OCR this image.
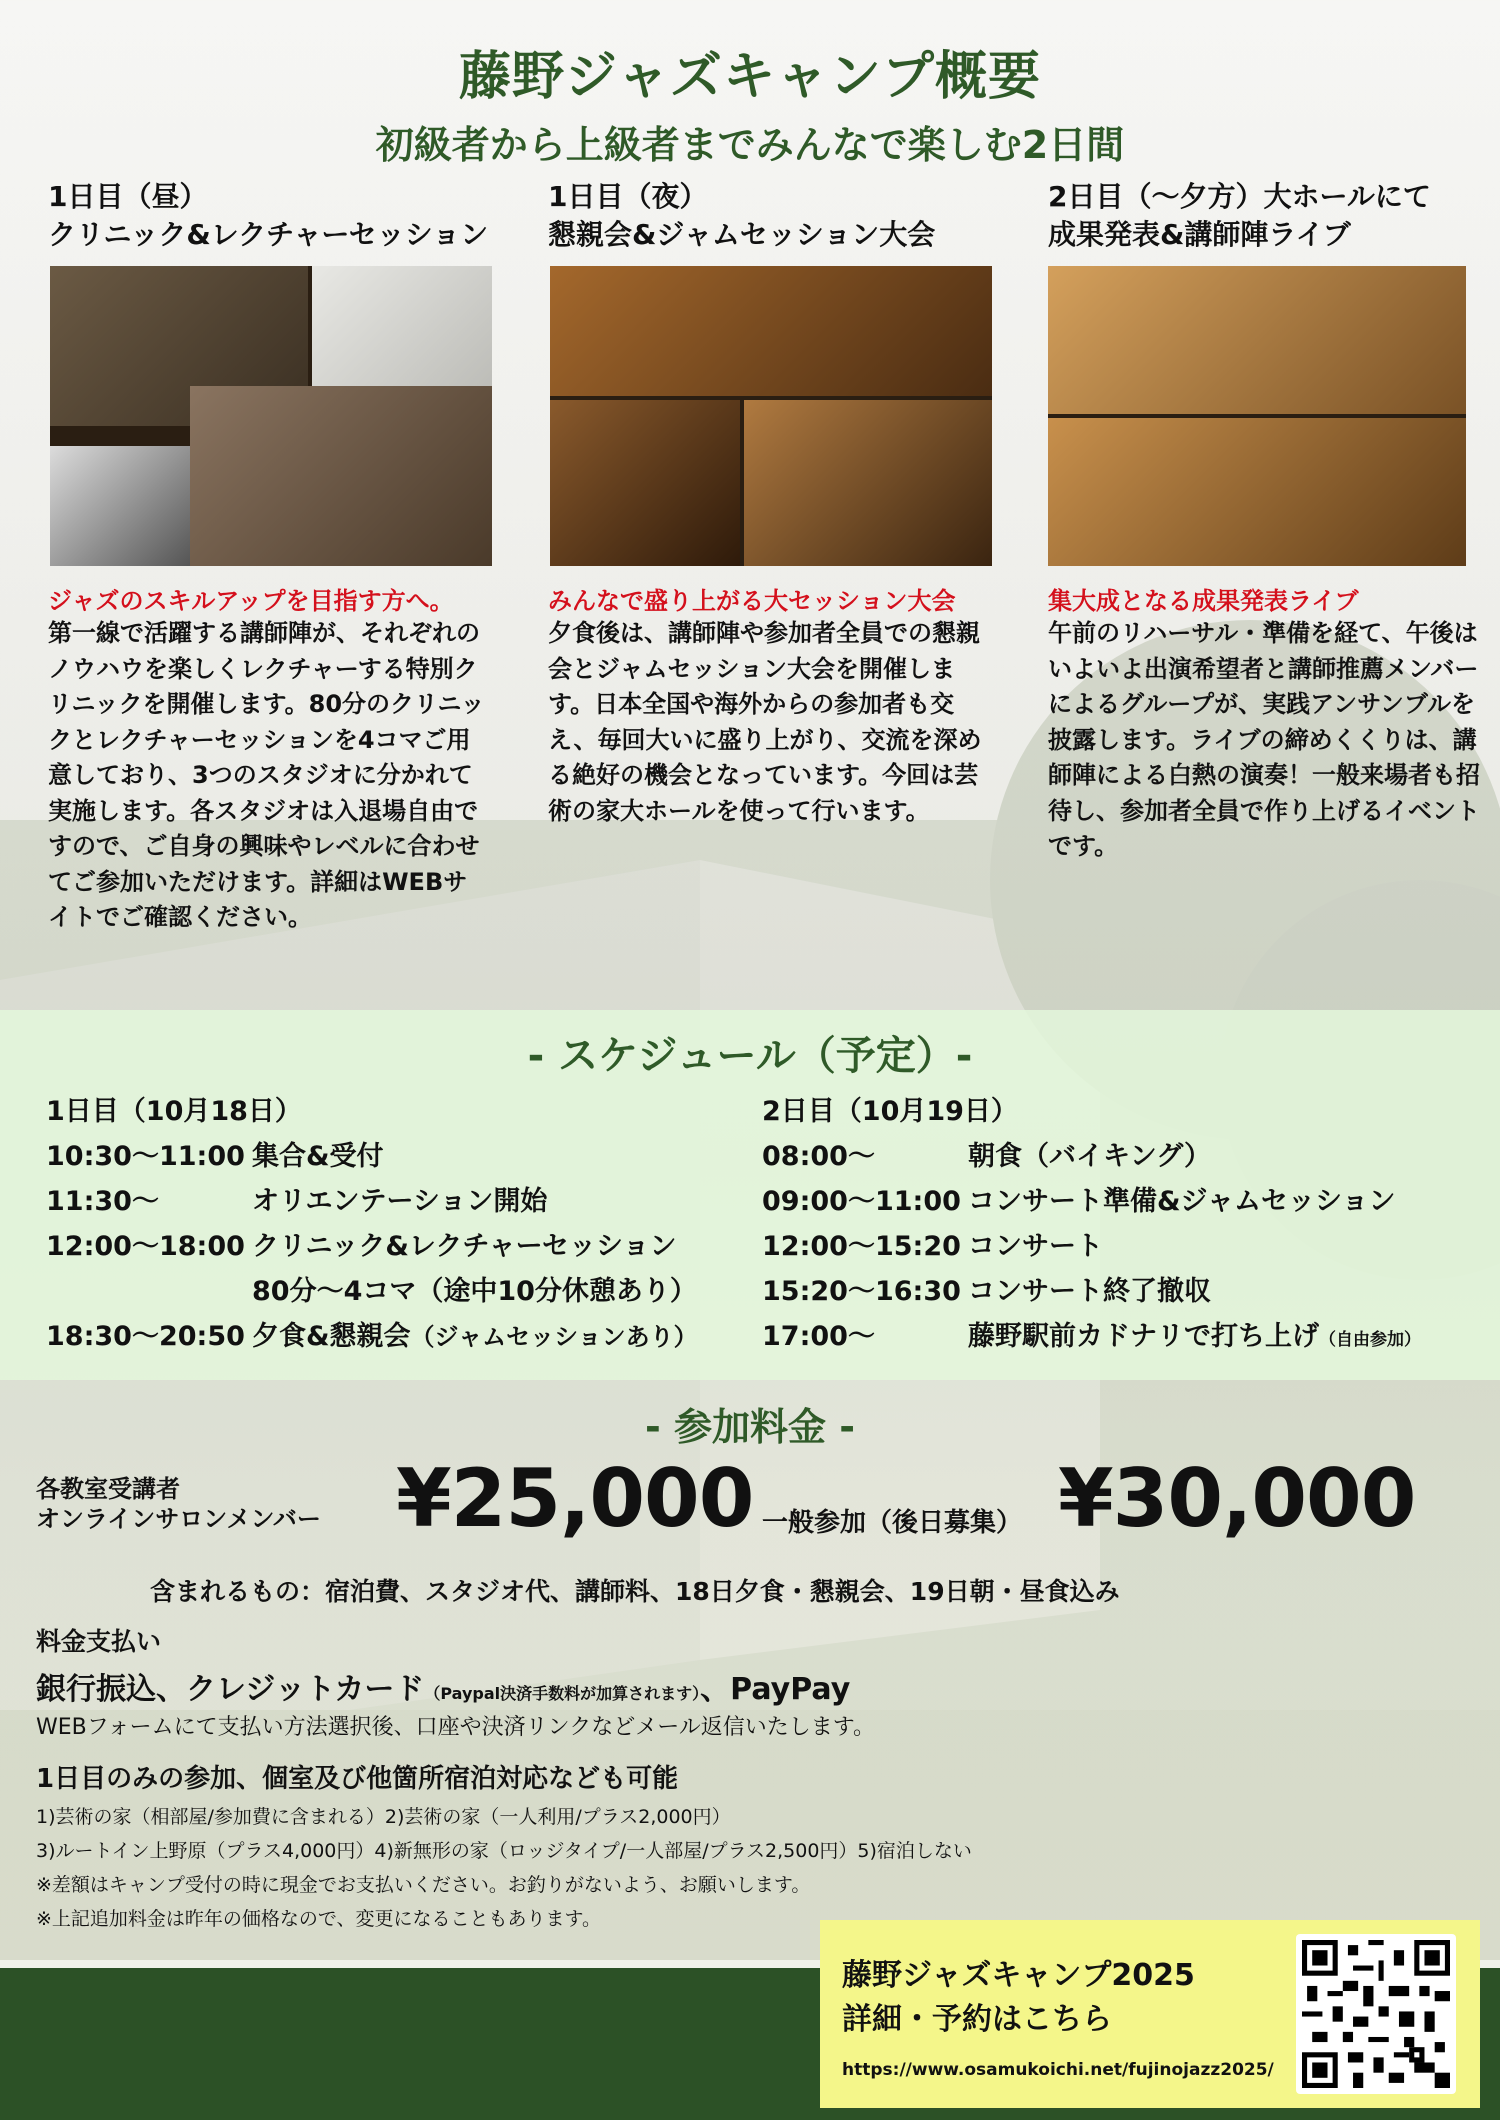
藤野ジャズキャンプ概要
初級者から上級者までみんなで楽しむ2日間
1日目（昼）
クリニック&レクチャーセッション
ジャズのスキルアップを目指す方へ。
第一線で活躍する講師陣が、それぞれのノウハウを楽しくレクチャーする特別クリニックを開催します。80分のクリニックとレクチャーセッションを4コマご用意しており、3つのスタジオに分かれて実施します。各スタジオは入退場自由ですので、ご自身の興味やレベルに合わせてご参加いただけます。詳細はWEBサイトでご確認ください。
1日目（夜）
懇親会&ジャムセッション大会
みんなで盛り上がる大セッション大会
夕食後は、講師陣や参加者全員での懇親会とジャムセッション大会を開催します。日本全国や海外からの参加者も交え、毎回大いに盛り上がり、交流を深める絶好の機会となっています。今回は芸術の家大ホールを使って行います。
2日目（〜夕方）大ホールにて
成果発表&講師陣ライブ
集大成となる成果発表ライブ
午前のリハーサル・準備を経て、午後はいよいよ出演希望者と講師推薦メンバーによるグループが、実践アンサンブルを披露します。ライブの締めくくりは、講師陣による白熱の演奏！一般来場者も招待し、参加者全員で作り上げるイベントです。
- スケジュール（予定）-
1日目（10月18日）
10:30〜11:00 集合&受付
11:30〜	オリエンテーション開始
12:00〜18:00 クリニック&レクチャーセッション
80分〜4コマ（途中10分休憩あり）
18:30〜20:50 夕食&懇親会（ジャムセッションあり）
2日目（10月19日）
08:00〜	朝食（バイキング）
09:00〜11:00 コンサート準備&ジャムセッション
12:00〜15:20 コンサート
15:20〜16:30 コンサート終了撤収
17:00〜	藤野駅前カドナリで打ち上げ（自由参加）
- 参加料金 -
各教室受講者
オンラインサロンメンバー ¥25,000 一般参加（後日募集） ¥30,000
含まれるもの：宿泊費、スタジオ代、講師料、18日夕食・懇親会、19日朝・昼食込み
料金支払い
銀行振込、クレジットカード（Paypal決済手数料が加算されます）、PayPay
WEBフォームにて支払い方法選択後、口座や決済リンクなどメール返信いたします。
1日目のみの参加、個室及び他箇所宿泊対応なども可能
1)芸術の家（相部屋/参加費に含まれる）2)芸術の家（一人利用/プラス2,000円）
3)ルートイン上野原（プラス4,000円）4)新無形の家（ロッジタイプ/一人部屋/プラス2,500円）5)宿泊しない
※差額はキャンプ受付の時に現金でお支払いください。お釣りがないよう、お願いします。
※上記追加料金は昨年の価格なので、変更になることもあります。
藤野ジャズキャンプ2025
詳細・予約はこちら
https://www.osamukoichi.net/fujinojazz2025/
